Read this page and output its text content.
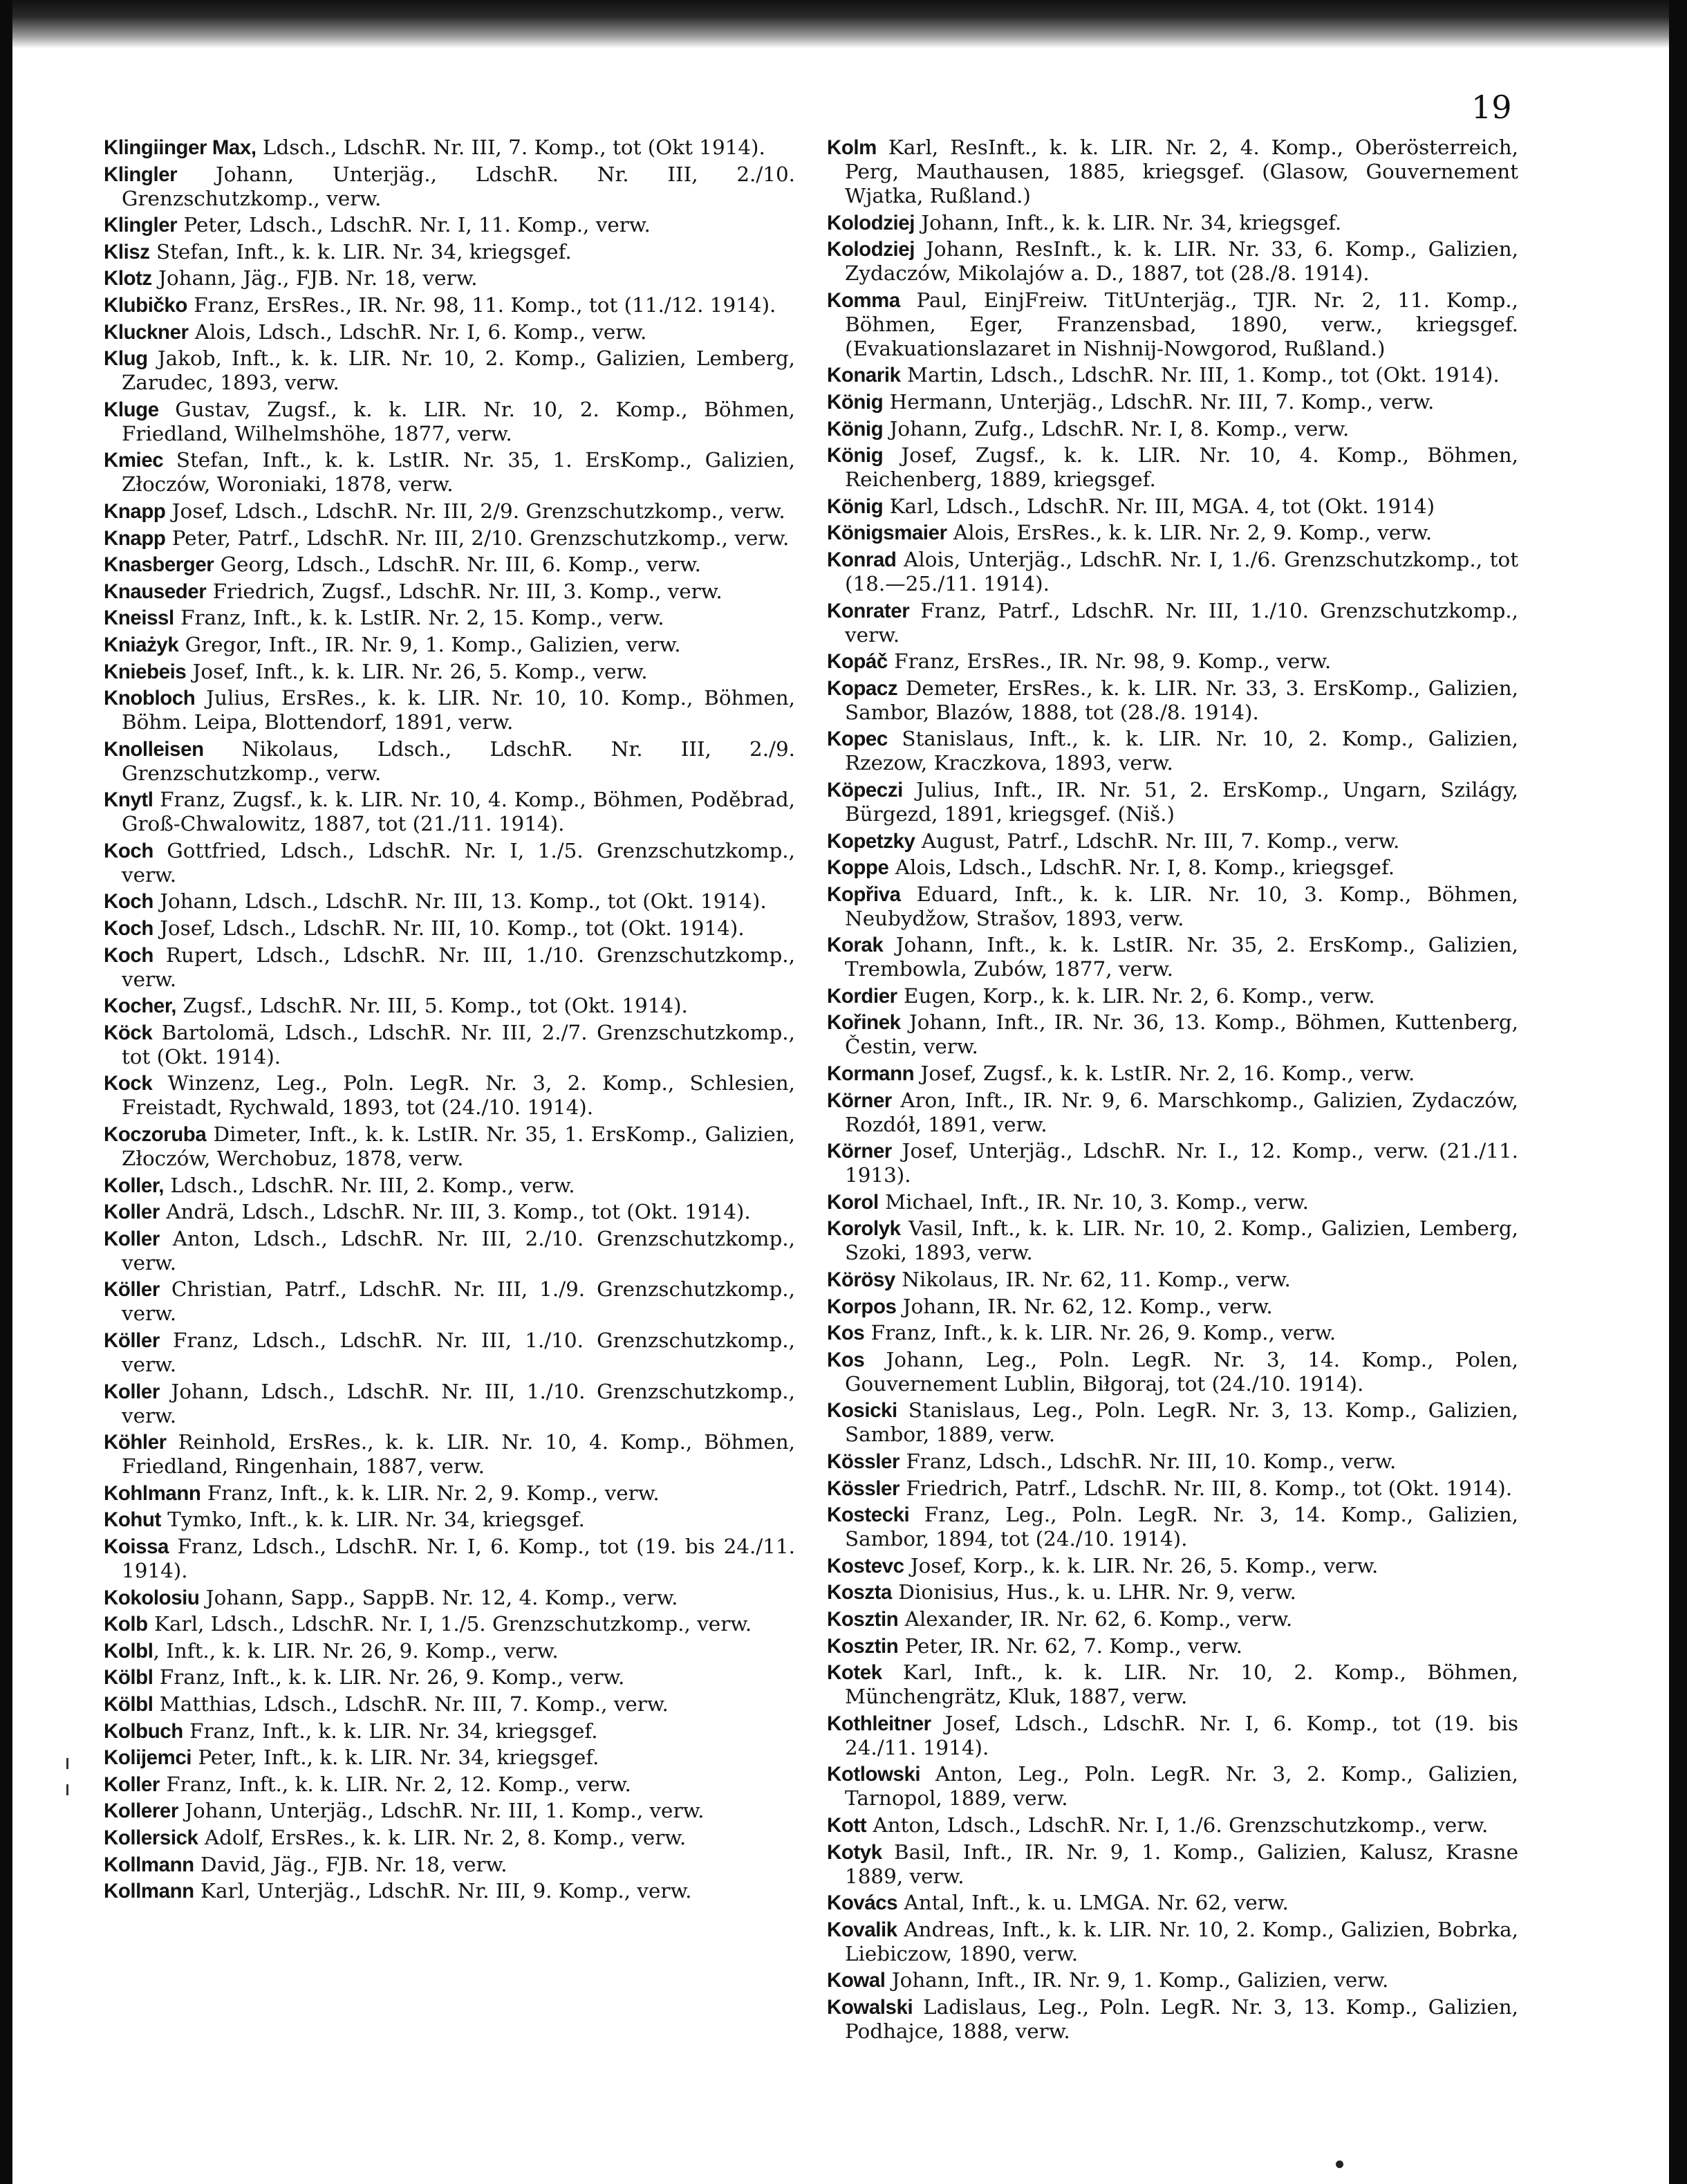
19

Klingiinger Max, Ldsch., LdschR. Nr. III, 7. Komp., tot (Okt 1914).

Klingler Johann, Unterjäg., LdschR. Nr. III, 2./10. Grenzschutzkomp., verw.

Klingler Peter, Ldsch., LdschR. Nr. I, 11. Komp., verw.

Klisz Stefan, Inft., k. k. LIR. Nr. 34, kriegsgef.

Klotz Johann, Jäg., FJB. Nr. 18, verw.

Klubičko Franz, ErsRes., IR. Nr. 98, 11. Komp., tot (11./12. 1914).

Kluckner Alois, Ldsch., LdschR. Nr. I, 6. Komp., verw.

Klug Jakob, Inft., k. k. LIR. Nr. 10, 2. Komp., Galizien, Lemberg, Zarudec, 1893, verw.

Kluge Gustav, Zugsf., k. k. LIR. Nr. 10, 2. Komp., Böhmen, Friedland, Wilhelmshöhe, 1877, verw.

Kmiec Stefan, Inft., k. k. LstIR. Nr. 35, 1. ErsKomp., Galizien, Złoczów, Woroniaki, 1878, verw.

Knapp Josef, Ldsch., LdschR. Nr. III, 2/9. Grenzschutzkomp., verw.

Knapp Peter, Patrf., LdschR. Nr. III, 2/10. Grenzschutzkomp., verw.

Knasberger Georg, Ldsch., LdschR. Nr. III, 6. Komp., verw.

Knauseder Friedrich, Zugsf., LdschR. Nr. III, 3. Komp., verw.

Kneissl Franz, Inft., k. k. LstIR. Nr. 2, 15. Komp., verw.

Kniażyk Gregor, Inft., IR. Nr. 9, 1. Komp., Galizien, verw.

Kniebeis Josef, Inft., k. k. LIR. Nr. 26, 5. Komp., verw.

Knobloch Julius, ErsRes., k. k. LIR. Nr. 10, 10. Komp., Böhmen, Böhm. Leipa, Blottendorf, 1891, verw.

Knolleisen Nikolaus, Ldsch., LdschR. Nr. III, 2./9. Grenzschutzkomp., verw.

Knytl Franz, Zugsf., k. k. LIR. Nr. 10, 4. Komp., Böhmen, Poděbrad, Groß-Chwalowitz, 1887, tot (21./11. 1914).

Koch Gottfried, Ldsch., LdschR. Nr. I, 1./5. Grenzschutzkomp., verw.

Koch Johann, Ldsch., LdschR. Nr. III, 13. Komp., tot (Okt. 1914).

Koch Josef, Ldsch., LdschR. Nr. III, 10. Komp., tot (Okt. 1914).

Koch Rupert, Ldsch., LdschR. Nr. III, 1./10. Grenzschutzkomp., verw.

Kocher, Zugsf., LdschR. Nr. III, 5. Komp., tot (Okt. 1914).

Köck Bartolomä, Ldsch., LdschR. Nr. III, 2./7. Grenzschutzkomp., tot (Okt. 1914).

Kock Winzenz, Leg., Poln. LegR. Nr. 3, 2. Komp., Schlesien, Freistadt, Rychwald, 1893, tot (24./10. 1914).

Koczoruba Dimeter, Inft., k. k. LstIR. Nr. 35, 1. ErsKomp., Galizien, Złoczów, Werchobuz, 1878, verw.

Koller, Ldsch., LdschR. Nr. III, 2. Komp., verw.

Koller Andrä, Ldsch., LdschR. Nr. III, 3. Komp., tot (Okt. 1914).

Koller Anton, Ldsch., LdschR. Nr. III, 2./10. Grenzschutzkomp., verw.

Köller Christian, Patrf., LdschR. Nr. III, 1./9. Grenzschutzkomp., verw.

Köller Franz, Ldsch., LdschR. Nr. III, 1./10. Grenzschutzkomp., verw.

Koller Johann, Ldsch., LdschR. Nr. III, 1./10. Grenzschutzkomp., verw.

Köhler Reinhold, ErsRes., k. k. LIR. Nr. 10, 4. Komp., Böhmen, Friedland, Ringenhain, 1887, verw.

Kohlmann Franz, Inft., k. k. LIR. Nr. 2, 9. Komp., verw.

Kohut Tymko, Inft., k. k. LIR. Nr. 34, kriegsgef.

Koissa Franz, Ldsch., LdschR. Nr. I, 6. Komp., tot (19. bis 24./11. 1914).

Kokolosiu Johann, Sapp., SappB. Nr. 12, 4. Komp., verw.

Kolb Karl, Ldsch., LdschR. Nr. I, 1./5. Grenzschutzkomp., verw.

Kolbl, Inft., k. k. LIR. Nr. 26, 9. Komp., verw.

Kölbl Franz, Inft., k. k. LIR. Nr. 26, 9. Komp., verw.

Kölbl Matthias, Ldsch., LdschR. Nr. III, 7. Komp., verw.

Kolbuch Franz, Inft., k. k. LIR. Nr. 34, kriegsgef.

Kolijemci Peter, Inft., k. k. LIR. Nr. 34, kriegsgef.

Koller Franz, Inft., k. k. LIR. Nr. 2, 12. Komp., verw.

Kollerer Johann, Unterjäg., LdschR. Nr. III, 1. Komp., verw.

Kollersick Adolf, ErsRes., k. k. LIR. Nr. 2, 8. Komp., verw.

Kollmann David, Jäg., FJB. Nr. 18, verw.

Kollmann Karl, Unterjäg., LdschR. Nr. III, 9. Komp., verw.

Kolm Karl, ResInft., k. k. LIR. Nr. 2, 4. Komp., Oberösterreich, Perg, Mauthausen, 1885, kriegsgef. (Glasow, Gouvernement Wjatka, Rußland.)

Kolodziej Johann, Inft., k. k. LIR. Nr. 34, kriegsgef.

Kolodziej Johann, ResInft., k. k. LIR. Nr. 33, 6. Komp., Galizien, Zydaczów, Mikolajów a. D., 1887, tot (28./8. 1914).

Komma Paul, EinjFreiw. TitUnterjäg., TJR. Nr. 2, 11. Komp., Böhmen, Eger, Franzensbad, 1890, verw., kriegsgef. (Evakuationslazaret in Nishnij-Nowgorod, Rußland.)

Konarik Martin, Ldsch., LdschR. Nr. III, 1. Komp., tot (Okt. 1914).

König Hermann, Unterjäg., LdschR. Nr. III, 7. Komp., verw.

König Johann, Zufg., LdschR. Nr. I, 8. Komp., verw.

König Josef, Zugsf., k. k. LIR. Nr. 10, 4. Komp., Böhmen, Reichenberg, 1889, kriegsgef.

König Karl, Ldsch., LdschR. Nr. III, MGA. 4, tot (Okt. 1914)

Königsmaier Alois, ErsRes., k. k. LIR. Nr. 2, 9. Komp., verw.

Konrad Alois, Unterjäg., LdschR. Nr. I, 1./6. Grenzschutzkomp., tot (18.—25./11. 1914).

Konrater Franz, Patrf., LdschR. Nr. III, 1./10. Grenzschutzkomp., verw.

Kopáč Franz, ErsRes., IR. Nr. 98, 9. Komp., verw.

Kopacz Demeter, ErsRes., k. k. LIR. Nr. 33, 3. ErsKomp., Galizien, Sambor, Blazów, 1888, tot (28./8. 1914).

Kopec Stanislaus, Inft., k. k. LIR. Nr. 10, 2. Komp., Galizien, Rzezow, Kraczkova, 1893, verw.

Köpeczi Julius, Inft., IR. Nr. 51, 2. ErsKomp., Ungarn, Szilágy, Bürgezd, 1891, kriegsgef. (Niš.)

Kopetzky August, Patrf., LdschR. Nr. III, 7. Komp., verw.

Koppe Alois, Ldsch., LdschR. Nr. I, 8. Komp., kriegsgef.

Kopřiva Eduard, Inft., k. k. LIR. Nr. 10, 3. Komp., Böhmen, Neubydžow, Strašov, 1893, verw.

Korak Johann, Inft., k. k. LstIR. Nr. 35, 2. ErsKomp., Galizien, Trembowla, Zubów, 1877, verw.

Kordier Eugen, Korp., k. k. LIR. Nr. 2, 6. Komp., verw.

Kořinek Johann, Inft., IR. Nr. 36, 13. Komp., Böhmen, Kuttenberg, Čestin, verw.

Kormann Josef, Zugsf., k. k. LstIR. Nr. 2, 16. Komp., verw.

Körner Aron, Inft., IR. Nr. 9, 6. Marschkomp., Galizien, Zydaczów, Rozdół, 1891, verw.

Körner Josef, Unterjäg., LdschR. Nr. I., 12. Komp., verw. (21./11. 1913).

Korol Michael, Inft., IR. Nr. 10, 3. Komp., verw.

Korolyk Vasil, Inft., k. k. LIR. Nr. 10, 2. Komp., Galizien, Lemberg, Szoki, 1893, verw.

Körösy Nikolaus, IR. Nr. 62, 11. Komp., verw.

Korpos Johann, IR. Nr. 62, 12. Komp., verw.

Kos Franz, Inft., k. k. LIR. Nr. 26, 9. Komp., verw.

Kos Johann, Leg., Poln. LegR. Nr. 3, 14. Komp., Polen, Gouvernement Lublin, Biłgoraj, tot (24./10. 1914).

Kosicki Stanislaus, Leg., Poln. LegR. Nr. 3, 13. Komp., Galizien, Sambor, 1889, verw.

Kössler Franz, Ldsch., LdschR. Nr. III, 10. Komp., verw.

Kössler Friedrich, Patrf., LdschR. Nr. III, 8. Komp., tot (Okt. 1914).

Kostecki Franz, Leg., Poln. LegR. Nr. 3, 14. Komp., Galizien, Sambor, 1894, tot (24./10. 1914).

Kostevc Josef, Korp., k. k. LIR. Nr. 26, 5. Komp., verw.

Koszta Dionisius, Hus., k. u. LHR. Nr. 9, verw.

Kosztin Alexander, IR. Nr. 62, 6. Komp., verw.

Kosztin Peter, IR. Nr. 62, 7. Komp., verw.

Kotek Karl, Inft., k. k. LIR. Nr. 10, 2. Komp., Böhmen, Münchengrätz, Kluk, 1887, verw.

Kothleitner Josef, Ldsch., LdschR. Nr. I, 6. Komp., tot (19. bis 24./11. 1914).

Kotlowski Anton, Leg., Poln. LegR. Nr. 3, 2. Komp., Galizien, Tarnopol, 1889, verw.

Kott Anton, Ldsch., LdschR. Nr. I, 1./6. Grenzschutzkomp., verw.

Kotyk Basil, Inft., IR. Nr. 9, 1. Komp., Galizien, Kalusz, Krasne 1889, verw.

Kovács Antal, Inft., k. u. LMGA. Nr. 62, verw.

Kovalik Andreas, Inft., k. k. LIR. Nr. 10, 2. Komp., Galizien, Bobrka, Liebiczow, 1890, verw.

Kowal Johann, Inft., IR. Nr. 9, 1. Komp., Galizien, verw.

Kowalski Ladislaus, Leg., Poln. LegR. Nr. 3, 13. Komp., Galizien, Podhajce, 1888, verw.
